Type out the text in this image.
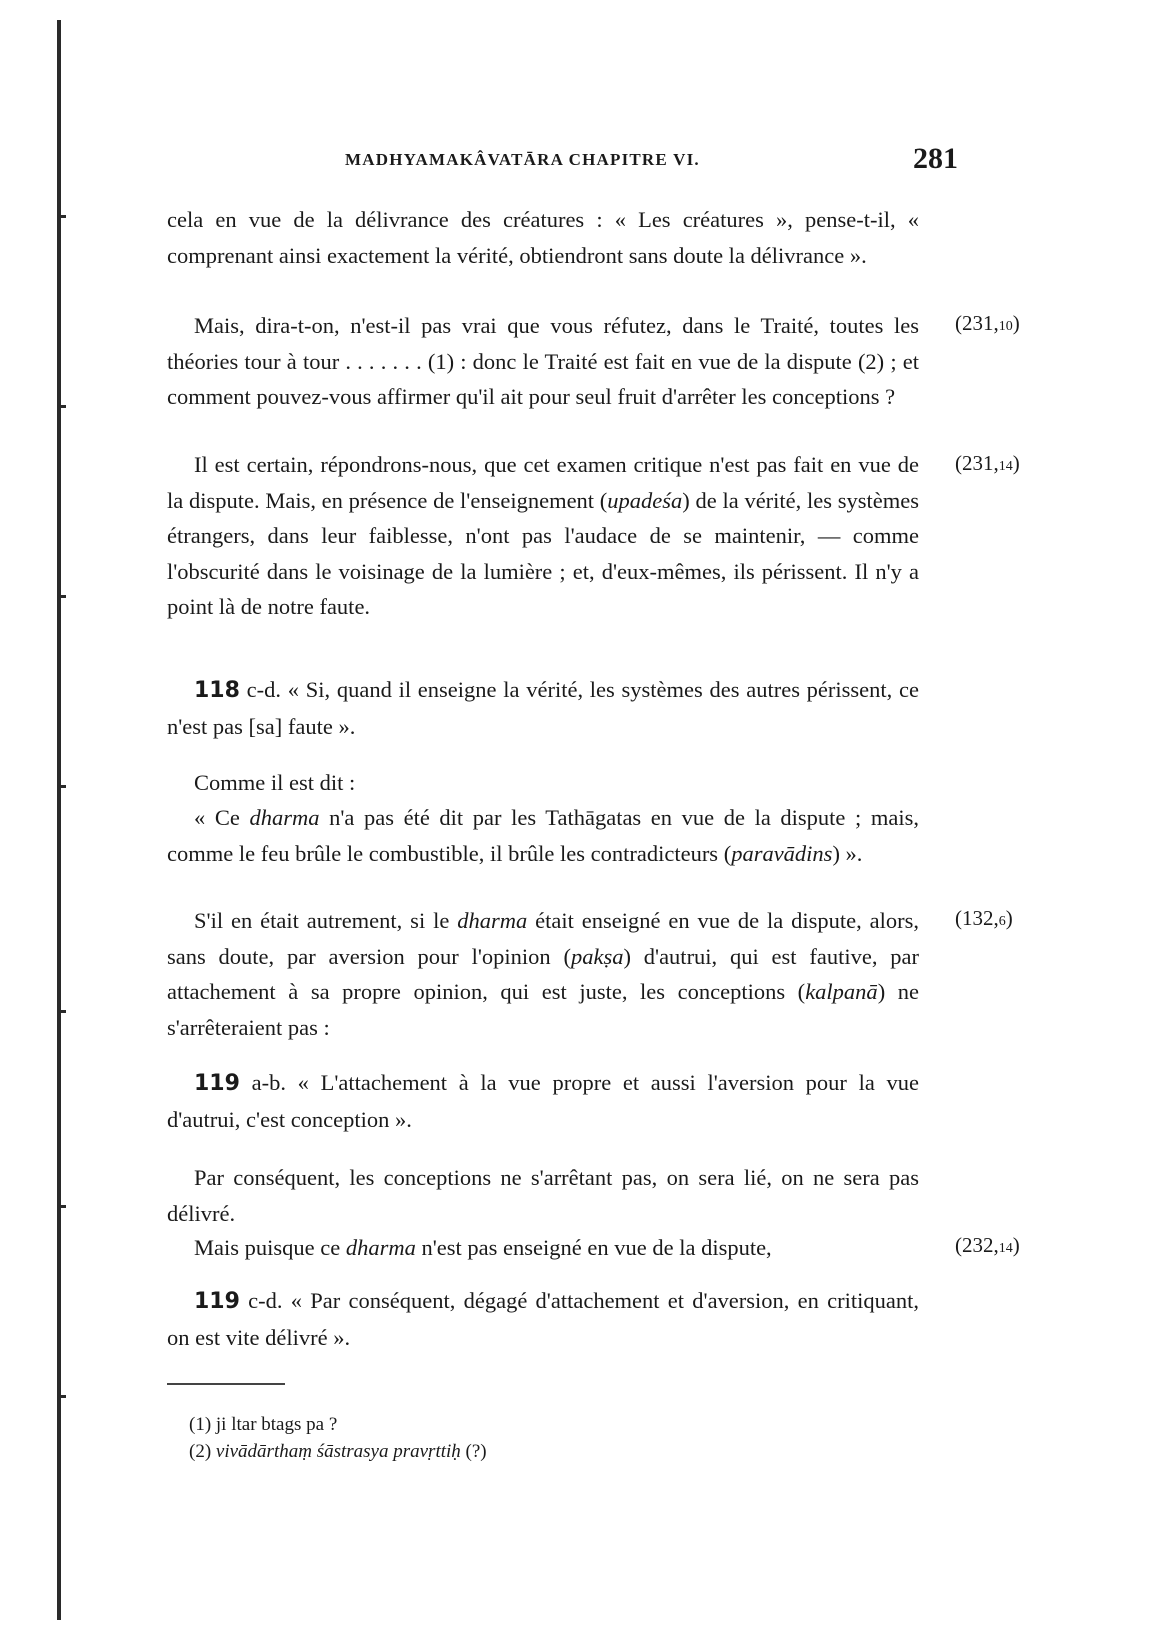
MADHYAMAKÂVATĀRA CHAPITRE VI.	281
cela en vue de la délivrance des créatures : « Les créatures », pense-t-il, « comprenant ainsi exactement la vérité, obtiendront sans doute la délivrance ».
Mais, dira-t-on, n'est-il pas vrai que vous réfutez, dans le Traité, toutes les théories tour à tour . . . . . . . (1) : donc le Traité est fait en vue de la dispute (2) ; et comment pouvez-vous affirmer qu'il ait pour seul fruit d'arrêter les conceptions ?
Il est certain, répondrons-nous, que cet examen critique n'est pas fait en vue de la dispute. Mais, en présence de l'enseignement (upadeśa) de la vérité, les systèmes étrangers, dans leur faiblesse, n'ont pas l'audace de se maintenir, — comme l'obscurité dans le voisinage de la lumière ; et, d'eux-mêmes, ils périssent. Il n'y a point là de notre faute.
118 c-d. « Si, quand il enseigne la vérité, les systèmes des autres périssent, ce n'est pas [sa] faute ».
Comme il est dit :
« Ce dharma n'a pas été dit par les Tathāgatas en vue de la dispute ; mais, comme le feu brûle le combustible, il brûle les contradicteurs (paravādins) ».
S'il en était autrement, si le dharma était enseigné en vue de la dispute, alors, sans doute, par aversion pour l'opinion (pakṣa) d'autrui, qui est fautive, par attachement à sa propre opinion, qui est juste, les conceptions (kalpanā) ne s'arrêteraient pas :
119 a-b. « L'attachement à la vue propre et aussi l'aversion pour la vue d'autrui, c'est conception ».
Par conséquent, les conceptions ne s'arrêtant pas, on sera lié, on ne sera pas délivré.
Mais puisque ce dharma n'est pas enseigné en vue de la dispute,
119 c-d. « Par conséquent, dégagé d'attachement et d'aversion, en critiquant, on est vite délivré ».
(231,10)
(231,14)
(132,6)
(232,14)
(1) ji ltar btags pa ?
(2) vivādārthaṃ śāstrasya pravṛttiḥ (?)
